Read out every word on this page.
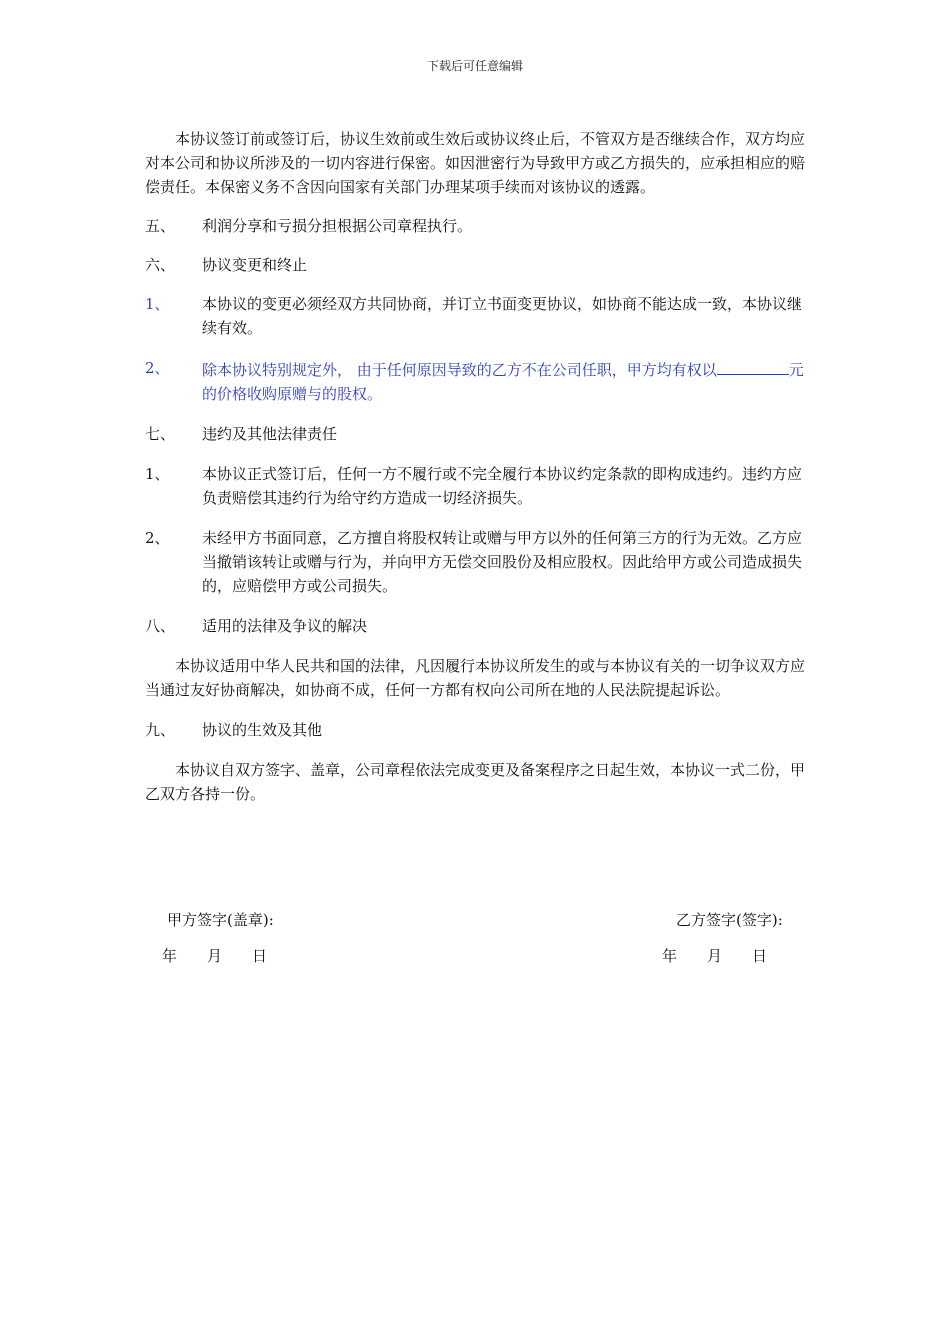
下载后可任意编辑

本协议签订前或签订后，协议生效前或生效后或协议终止后，不管双方是否继续合作，双方均应对本公司和协议所涉及的一切内容进行保密。如因泄密行为导致甲方或乙方损失的，应承担相应的赔偿责任。本保密义务不含因向国家有关部门办理某项手续而对该协议的透露。

五、 利润分享和亏损分担根据公司章程执行。
六、 协议变更和终止
1、 本协议的变更必须经双方共同协商，并订立书面变更协议，如协商不能达成一致，本协议继续有效。
2、 除本协议特别规定外， 由于任何原因导致的乙方不在公司任职，甲方均有权以	元的价格收购原赠与的股权。
七、 违约及其他法律责任
1、 本协议正式签订后，任何一方不履行或不完全履行本协议约定条款的即构成违约。违约方应负责赔偿其违约行为给守约方造成一切经济损失。
2、 未经甲方书面同意，乙方擅自将股权转让或赠与甲方以外的任何第三方的行为无效。乙方应当撤销该转让或赠与行为，并向甲方无偿交回股份及相应股权。因此给甲方或公司造成损失的，应赔偿甲方或公司损失。
八、 适用的法律及争议的解决

本协议适用中华人民共和国的法律，凡因履行本协议所发生的或与本协议有关的一切争议双方应当通过友好协商解决，如协商不成，任何一方都有权向公司所在地的人民法院提起诉讼。

九、 协议的生效及其他

本协议自双方签字、盖章，公司章程依法完成变更及备案程序之日起生效，本协议一式二份，甲乙双方各持一份。

甲方签字(盖章):	乙方签字(签字):
年　　月　　日	年　　月　　日
